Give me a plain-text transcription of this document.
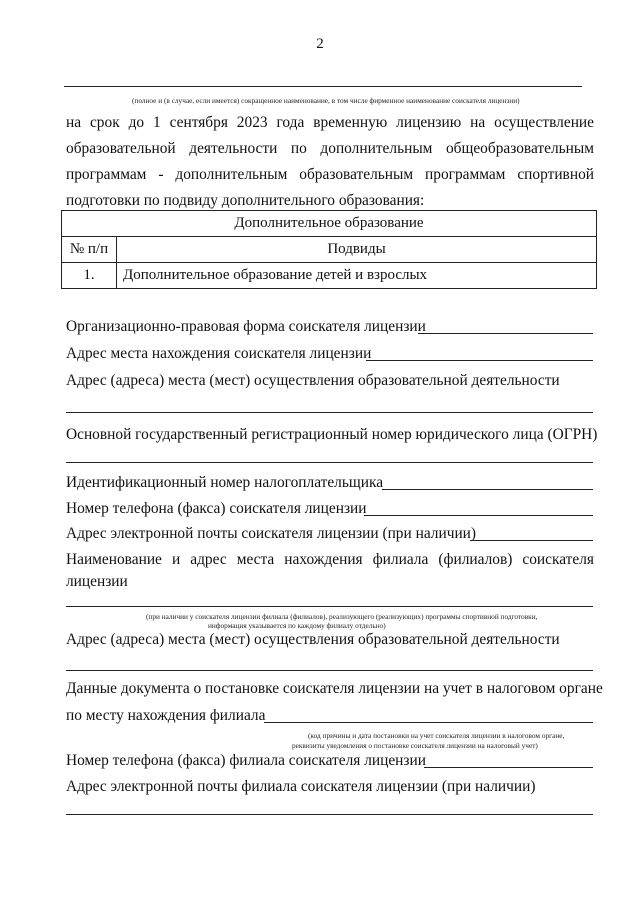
2
(полное и (в случае, если имеется) сокращенное наименование, в том числе фирменное наименование соискателя лицензии)
на срок до 1 сентября 2023 года временную лицензию на осуществление
образовательной деятельности по дополнительным общеобразовательным
программам - дополнительным образовательным программам спортивной
подготовки по подвиду дополнительного образования:
Дополнительное образование	
№ п/п	Подвиды
1.	Дополнительное образование детей и взрослых
Организационно-правовая форма соискателя лицензии
Адрес места нахождения соискателя лицензии
Адрес (адреса) места (мест) осуществления образовательной деятельности
Основной государственный регистрационный номер юридического лица (ОГРН)
Идентификационный номер налогоплательщика
Номер телефона (факса) соискателя лицензии
Адрес электронной почты соискателя лицензии (при наличии)
Наименование и адрес места нахождения филиала (филиалов) соискателя
лицензии
(при наличии у соискателя лицензии филиала (филиалов), реализующего (реализующих) программы спортивной подготовки,
информация указывается по каждому филиалу отдельно)
Адрес (адреса) места (мест) осуществления образовательной деятельности
Данные документа о постановке соискателя лицензии на учет в налоговом органе
по месту нахождения филиала
(код причины и дата постановки на учет соискателя лицензии в налоговом органе,
реквизиты уведомления о постановке соискателя лицензии на налоговый учет)
Номер телефона (факса) филиала соискателя лицензии
Адрес электронной почты филиала соискателя лицензии (при наличии)
